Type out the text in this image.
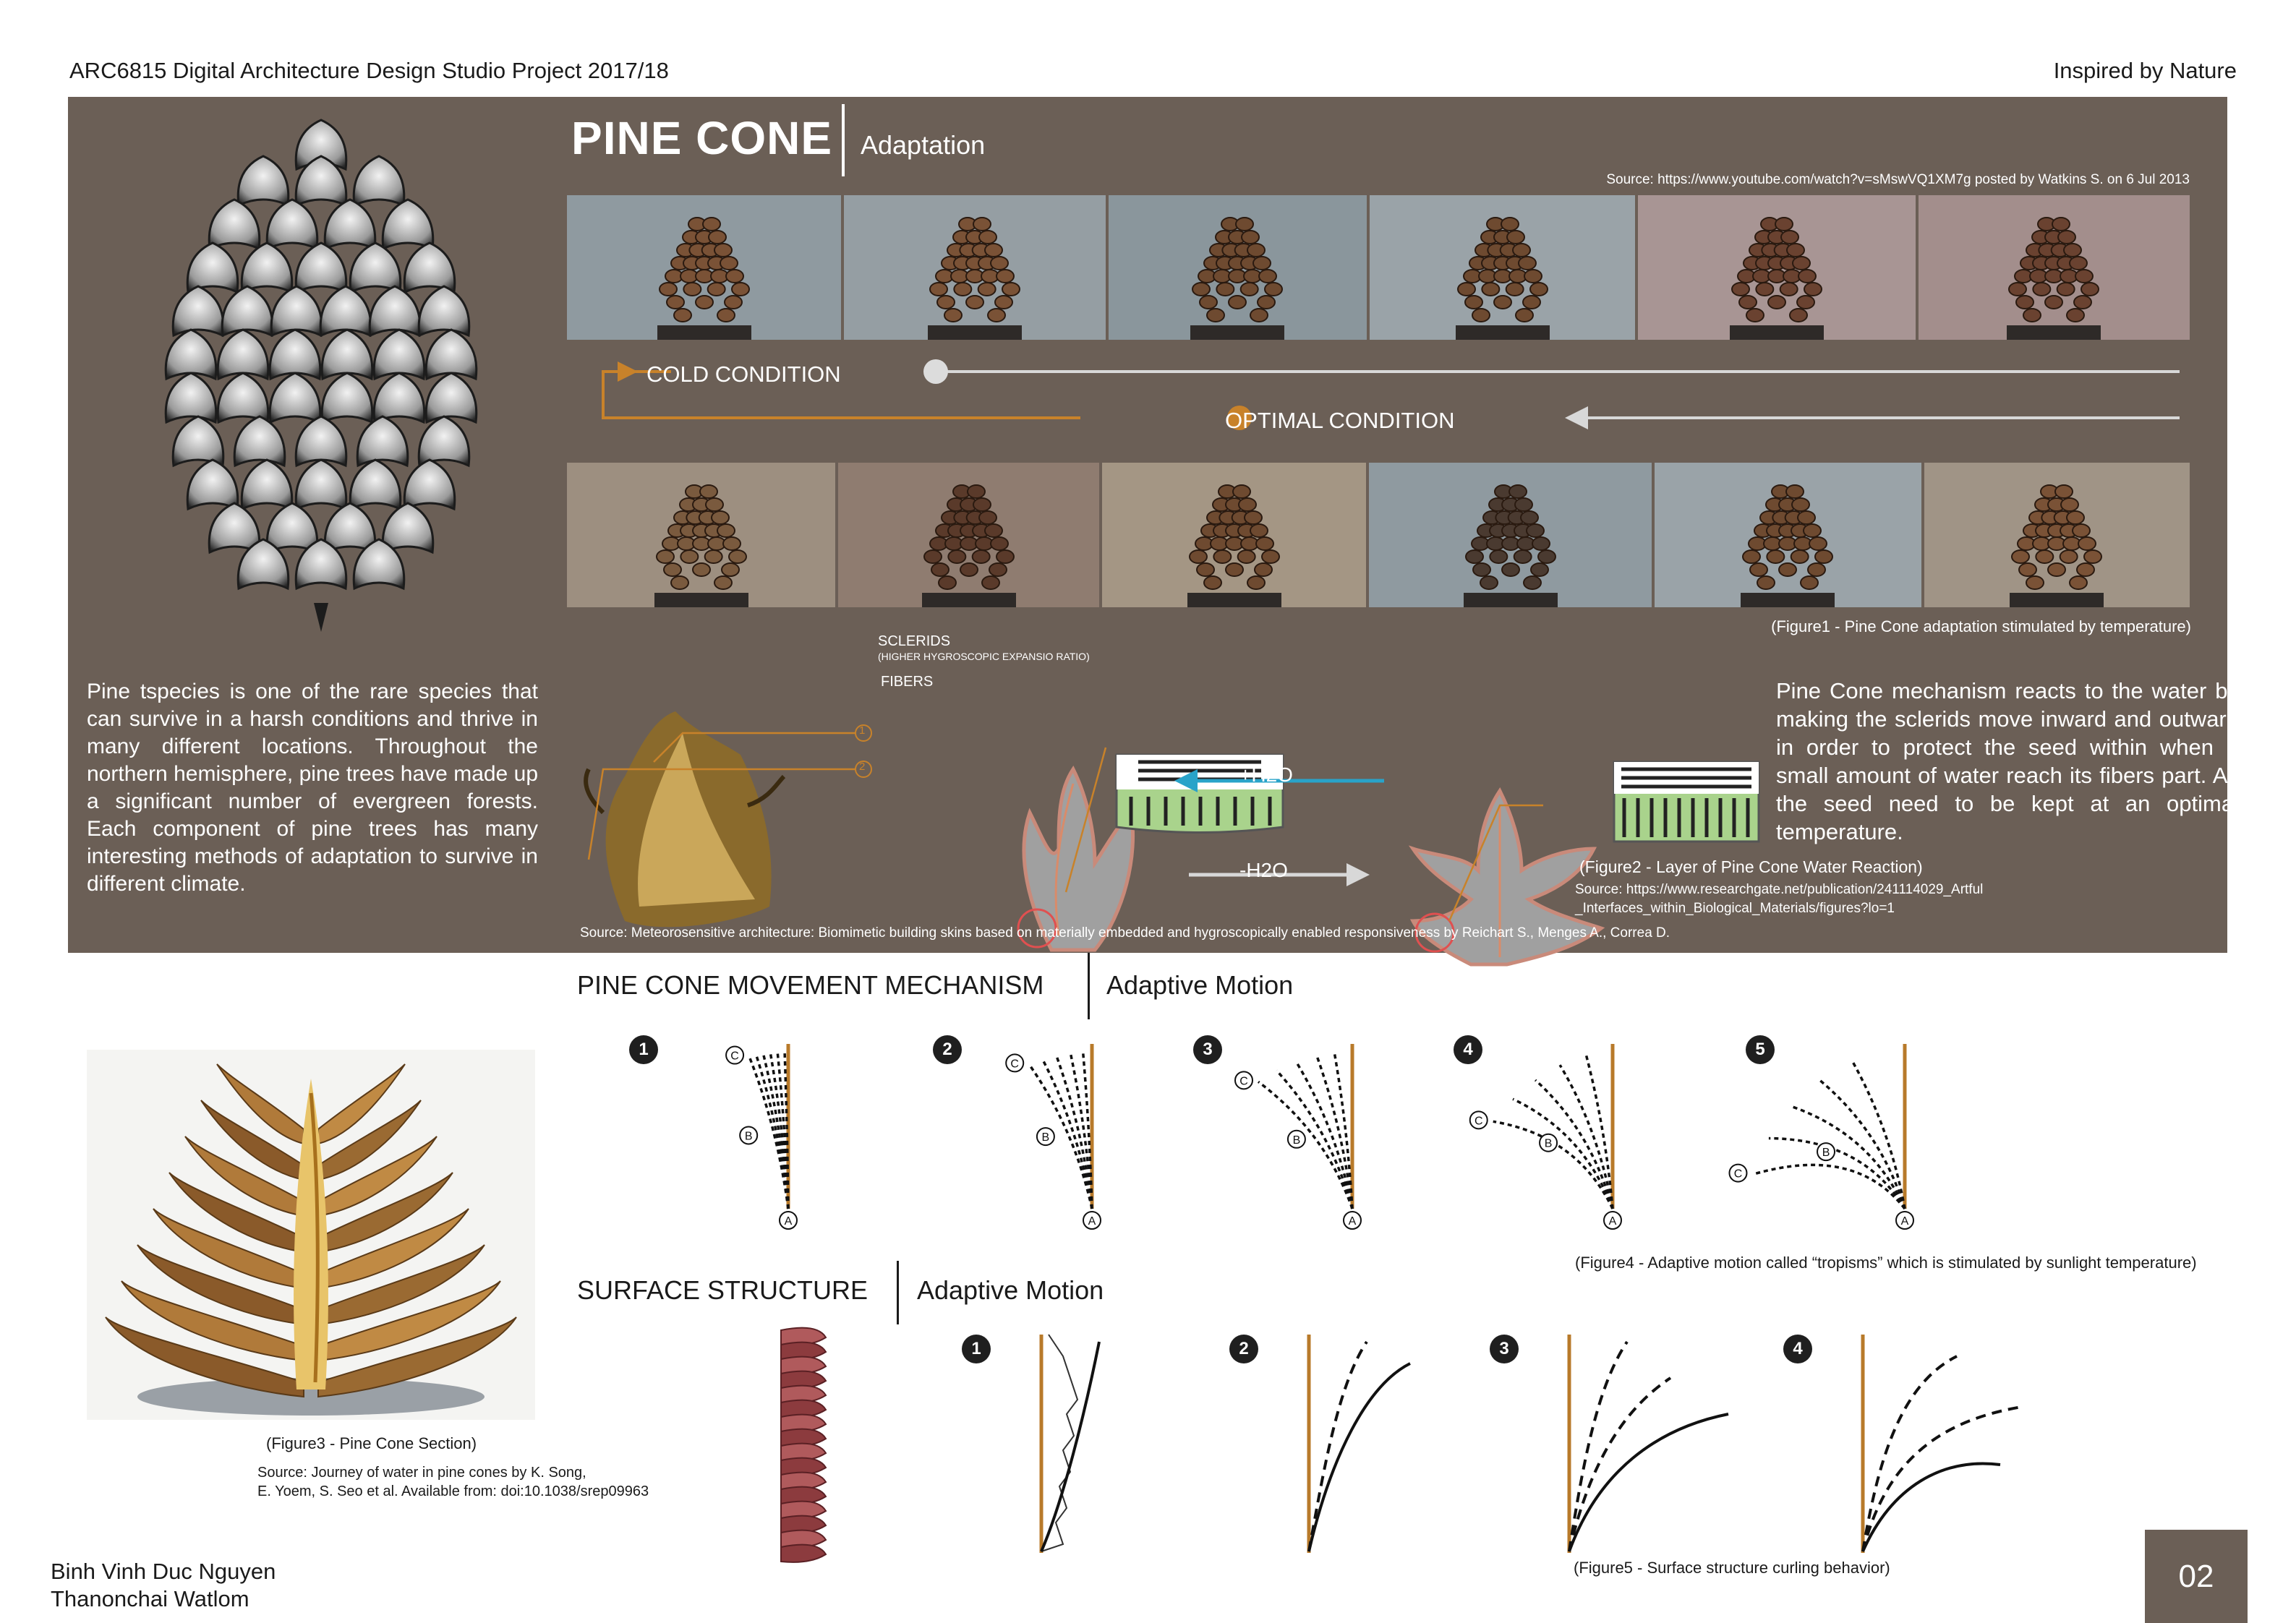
ARC6815 Digital Architecture Design Studio Project 2017/18	Inspired by Nature
PINE CONE Adaptation
Source: https://www.youtube.com/watch?v=sMswVQ1XM7g posted by Watkins S. on 6 Jul 2013
COLD CONDITION
OPTIMAL CONDITION
(Figure1 - Pine Cone adaptation stimulated by temperature)
Pine tspecies is one of the rare species that can survive in a harsh conditions and thrive in many different locations. Throughout the northern hemisphere, pine trees have made up a significant number of evergreen forests. Each component of pine trees has many interesting methods of adaptation to survive in different climate.
SCLERIDS
(HIGHER HYGROSCOPIC EXPANSIO RATIO)
FIBERS
1
2	+H2O
-H2O
Pine Cone mechanism reacts to the water by making the sclerids move inward and outward in order to protect the seed within when a small amount of water reach its fibers part. As the seed need to be kept at an optimal temperature.
(Figure2 - Layer of Pine Cone Water Reaction)
Source: https://www.researchgate.net/publication/241114029_Artful
_Interfaces_within_Biological_Materials/figures?lo=1
Source: Meteorosensitive architecture: Biomimetic building skins based on materially embedded and hygroscopically enabled responsiveness by Reichart S., Menges A., Correa D.
PINE CONE MOVEMENT MECHANISM Adaptive Motion
1
A
B
C	2
A
B
C
3
A
B
C
4
A
B
C
5
A
B
C
(Figure4 - Adaptive motion called “tropisms” which is stimulated by sunlight temperature)
(Figure3 - Pine Cone Section)
Source: Journey of water in pine cones by K. Song,
E. Yoem, S. Seo et al. Available from: doi:10.1038/srep09963
SURFACE STRUCTURE Adaptive Motion
1	2	3	4
(Figure5 - Surface structure curling behavior)
Binh Vinh Duc Nguyen
Thanonchai Watlom
02
